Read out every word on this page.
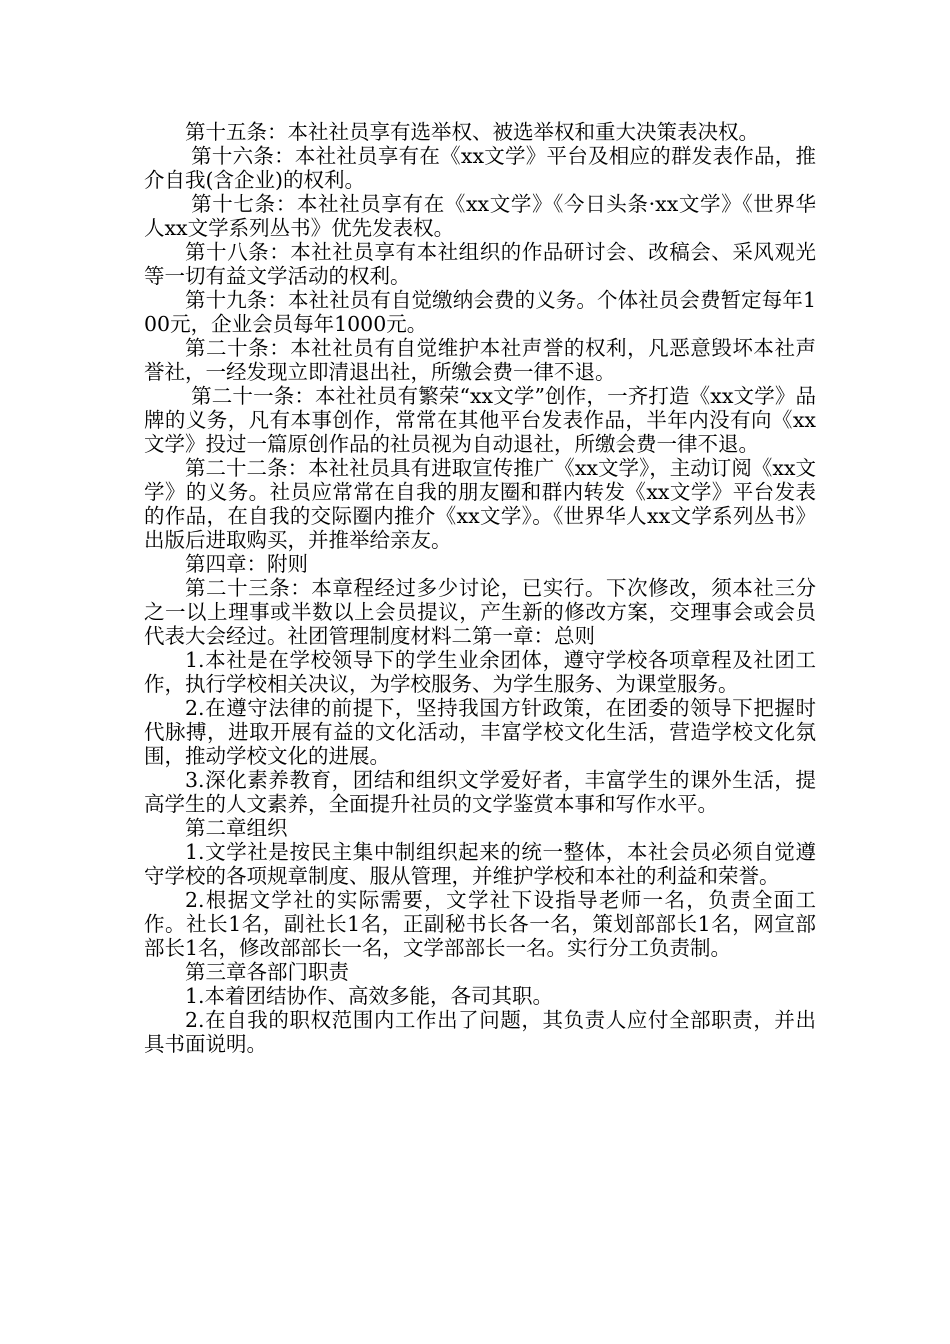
第十五条：本社社员享有选举权、被选举权和重大决策表决权。

第十六条：本社社员享有在《xx文学》平台及相应的群发表作品，推介自我(含企业)的权利。

第十七条：本社社员享有在《xx文学》《今日头条·xx文学》《世界华人xx文学系列丛书》优先发表权。

第十八条：本社社员享有本社组织的作品研讨会、改稿会、采风观光等一切有益文学活动的权利。

第十九条：本社社员有自觉缴纳会费的义务。个体社员会费暂定每年100元，企业会员每年1000元。

第二十条：本社社员有自觉维护本社声誉的权利，凡恶意毁坏本社声誉社，一经发现立即清退出社，所缴会费一律不退。

第二十一条：本社社员有繁荣“xx文学”创作，一齐打造《xx文学》品牌的义务，凡有本事创作，常常在其他平台发表作品，半年内没有向《xx文学》投过一篇原创作品的社员视为自动退社，所缴会费一律不退。

第二十二条：本社社员具有进取宣传推广《xx文学》，主动订阅《xx文学》的义务。社员应常常在自我的朋友圈和群内转发《xx文学》平台发表的作品，在自我的交际圈内推介《xx文学》。《世界华人xx文学系列丛书》出版后进取购买，并推举给亲友。

第四章：附则

第二十三条：本章程经过多少讨论，已实行。下次修改，须本社三分之一以上理事或半数以上会员提议，产生新的修改方案，交理事会或会员代表大会经过。社团管理制度材料二第一章：总则

1.本社是在学校领导下的学生业余团体，遵守学校各项章程及社团工作，执行学校相关决议，为学校服务、为学生服务、为课堂服务。

2.在遵守法律的前提下，坚持我国方针政策，在团委的领导下把握时代脉搏，进取开展有益的文化活动，丰富学校文化生活，营造学校文化氛围，推动学校文化的进展。

3.深化素养教育，团结和组织文学爱好者，丰富学生的课外生活，提高学生的人文素养，全面提升社员的文学鉴赏本事和写作水平。

第二章组织

1.文学社是按民主集中制组织起来的统一整体，本社会员必须自觉遵守学校的各项规章制度、服从管理，并维护学校和本社的利益和荣誉。

2.根据文学社的实际需要，文学社下设指导老师一名，负责全面工作。社长1名，副社长1名，正副秘书长各一名，策划部部长1名，网宣部部长1名，修改部部长一名，文学部部长一名。实行分工负责制。

第三章各部门职责

1.本着团结协作、高效多能，各司其职。

2.在自我的职权范围内工作出了问题，其负责人应付全部职责，并出具书面说明。
